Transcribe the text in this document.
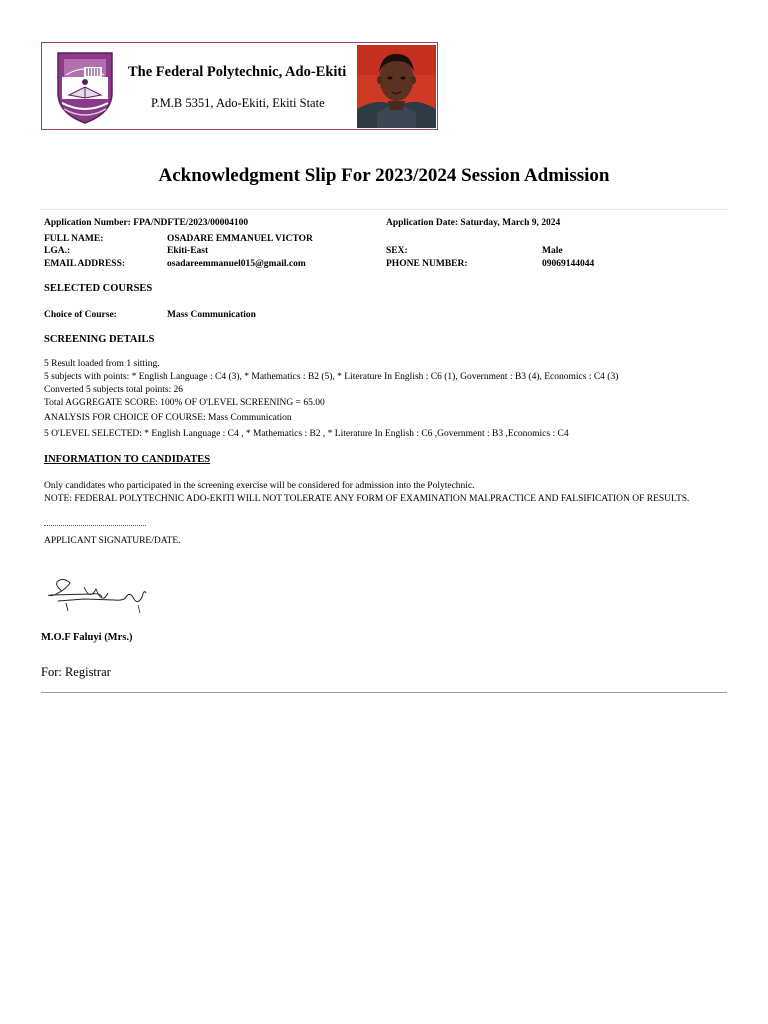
The Federal Polytechnic, Ado-Ekiti
P.M.B 5351, Ado-Ekiti, Ekiti State
Acknowledgment Slip For 2023/2024 Session Admission
Application Number: FPA/NDFTE/2023/00004100	Application Date: Saturday, March 9, 2024
FULL NAME:	OSADARE EMMANUEL VICTOR
LGA.:	Ekiti-East	SEX:	Male
EMAIL ADDRESS:	osadareemmanuel015@gmail.com	PHONE NUMBER:	09069144044
SELECTED COURSES
Choice of Course:	Mass Communication
SCREENING DETAILS
5 Result loaded from 1 sitting.
5 subjects with points: * English Language : C4 (3), * Mathematics : B2 (5), * Literature In English : C6 (1), Government : B3 (4), Economics : C4 (3)
Converted 5 subjects total points: 26
Total AGGREGATE SCORE: 100% OF O'LEVEL SCREENING = 65.00
ANALYSIS FOR CHOICE OF COURSE: Mass Communication
5 O'LEVEL SELECTED: * English Language : C4 , * Mathematics : B2 , * Literature In English : C6 ,Government : B3 ,Economics : C4
INFORMATION TO CANDIDATES
Only candidates who participated in the screening exercise will be considered for admission into the Polytechnic.
NOTE: FEDERAL POLYTECHNIC ADO-EKITI WILL NOT TOLERATE ANY FORM OF EXAMINATION MALPRACTICE AND FALSIFICATION OF RESULTS.
APPLICANT SIGNATURE/DATE.
M.O.F Faluyi (Mrs.)
For: Registrar
